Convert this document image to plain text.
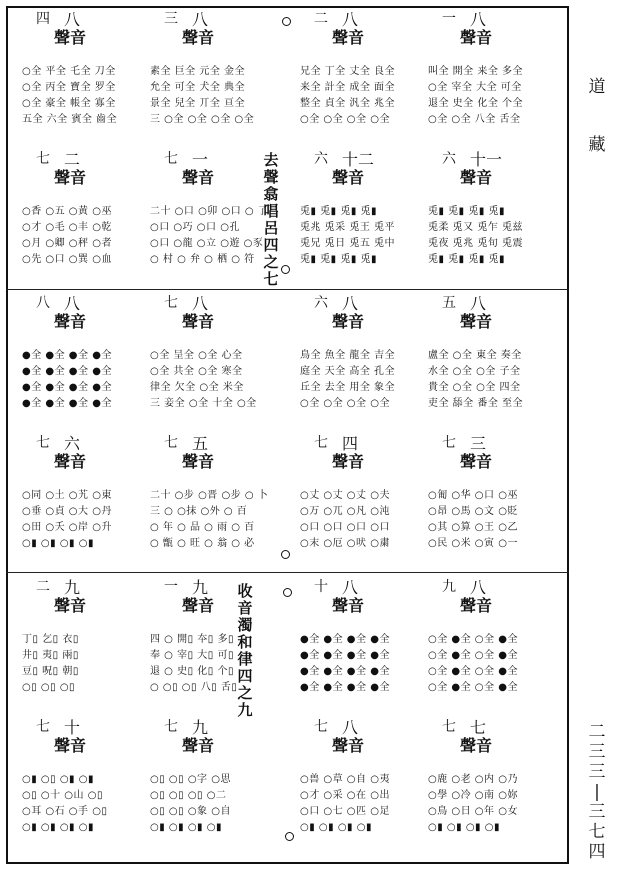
道
藏
二
三
三
|
三
七
四
四 八
聲音
○全 平全 乇全 刀全
○全 丙全 寶全 罗全
○全 豪全 帳全 寡全
五全 六全 賓全 齒全
三 八
聲音
素全 巨全 元全 金全
允全 可全 犬全 典全
景全 兒全 丌全 亘全
三 ○全 ○全 ○全 ○全
二 八
聲音
兄全 丁全 丈全 良全
来全 計全 成全 面全
整全 貞全 汎全 兆全
○全 ○全 ○全 ○全
一 八
聲音
叫全 開全 来全 多全
○全 宰全 大全 可全
退全 史全 化全 个全
○全 ○全 八全 舌全
七 二
聲音
○香 ○五 ○黄 ○巫
○才 ○毛 ○丰 ○乾
○月 ○卿 ○秤 ○者
○先 ○口 ○巽 ○血
七 一
聲音
二十 ○口 ○卯 ○口 ○ 了
○口 ○巧 ○口 ○孔
○口 ○龍 ○立 ○遊 ○豕
○ 村 ○ 弁 ○ 栖 ○ 符
六 十二
聲音
兎▮ 兎▮ 兎▮ 兎▮
兎兆 兎采 兎王 兎平
兎兄 兎日 兎五 兎中
兎▮ 兎▮ 兎▮ 兎▮
六 十一
聲音
兎▮ 兎▮ 兎▮ 兎▮
兎柔 兎又 兎乍 兎兹
兎夜 兎兆 兎旬 兎震
兎▮ 兎▮ 兎▮ 兎▮
八 八
聲音
●全 ●全 ●全 ●全
●全 ●全 ●全 ●全
●全 ●全 ●全 ●全
●全 ●全 ●全 ●全
七 八
聲音
○全 呈全 ○全 心全
○全 共全 ○全 寒全
律全 欠全 ○全 米全
三 妾全 ○全 十全 ○全
六 八
聲音
鳥全 魚全 龍全 吉全
庭全 天全 高全 孔全
丘全 去全 用全 象全
○全 ○全 ○全 ○全
五 八
聲音
盧全 ○全 東全 奏全
水全 ○全 ○全 子全
貴全 ○全 ○全 四全
吏全 舔全 番全 至全
七 六
聲音
○同 ○土 ○艽 ○東
○垂 ○貞 ○大 ○丹
○田 ○夭 ○岸 ○升
○▮ ○▮ ○▮ ○▮
七 五
聲音
二十 ○步 ○晋 ○步 ○ 卜
三 ○ ○抹 ○外 ○ 百
○ 年 ○ 品 ○ 雨 ○ 百
○ 甑 ○ 旺 ○ 翁 ○ 必
七 四
聲音
○丈 ○丈 ○丈 ○夫
○万 ○兀 ○凡 ○沌
○口 ○口 ○口 ○口
○末 ○厄 ○吠 ○粛
七 三
聲音
○匍 ○华 ○口 ○巫
○昂 ○馬 ○文 ○貶
○其 ○算 ○王 ○乙
○民 ○米 ○寅 ○一
二 九
聲音
丁▯ 乞▯ 衣▯
井▯ 夷▯ 兩▯
豆▯ 呪▯ 朝▯
○▯ ○▯ ○▯
一 九
聲音
四 ○ 開▯ 夲▯ 多▯
奉 ○ 宰▯ 大▯ 可▯
退 ○ 史▯ 化▯ 个▯
○ ○▯ ○▯ 八▯ 舌▯
十 八
聲音
●全 ●全 ●全 ●全
●全 ●全 ●全 ●全
●全 ●全 ●全 ●全
●全 ●全 ●全 ●全
九 八
聲音
○全 ●全 ○全 ●全
○全 ●全 ○全 ●全
○全 ●全 ○全 ●全
○全 ●全 ○全 ●全
七 十
聲音
○▮ ○▯ ○▮ ○▮
○▯ ○十 ○山 ○▯
○耳 ○石 ○手 ○▯
○▮ ○▮ ○▮ ○▮
七 九
聲音
○▯ ○▯ ○字 ○思
○▯ ○▯ ○▯ ○二
○▯ ○▯ ○象 ○自
○▮ ○▮ ○▮ ○▮
七 八
聲音
○兽 ○草 ○自 ○夷
○才 ○采 ○在 ○出
○口 ○七 ○匹 ○足
○▮ ○▮ ○▮ ○▮
七 七
聲音
○鹿 ○老 ○内 ○乃
○學 ○冷 ○南 ○妳
○鳥 ○日 ○年 ○女
○▮ ○▮ ○▮ ○▮
去
聲
翕
唱
呂
四
之
七
收
音
濁
和
律
四
之
九
